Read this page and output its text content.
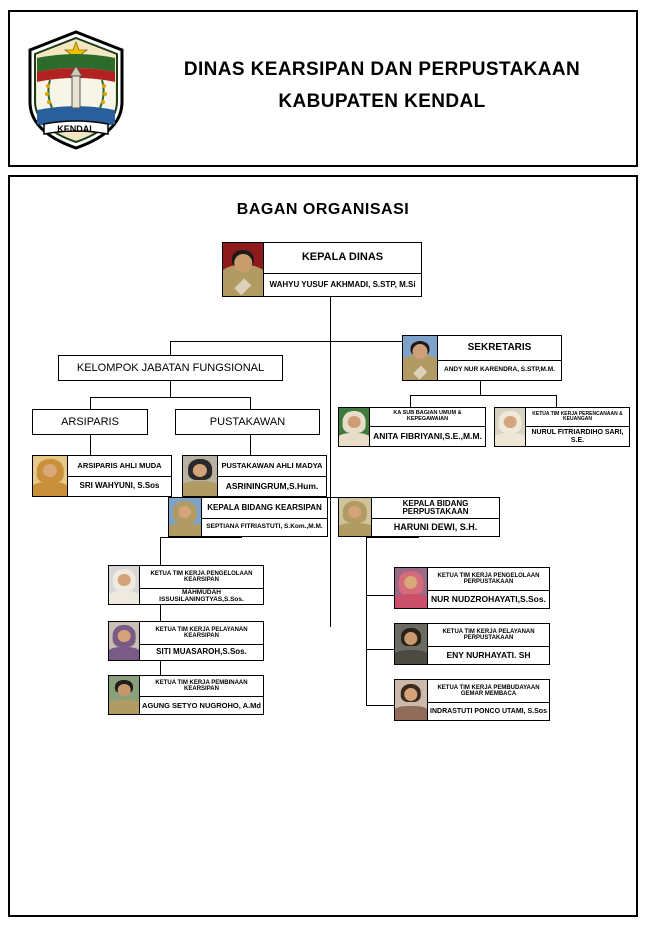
KENDAL
DINAS KEARSIPAN DAN PERPUSTAKAAN
KABUPATEN KENDAL
BAGAN ORGANISASI
KEPALA DINAS
WAHYU YUSUF AKHMADI, S.STP, M.Si
KELOMPOK JABATAN FUNGSIONAL
ARSIPARIS	PUSTAKAWAN
SEKRETARIS
ANDY NUR KARENDRA, S.STP,M.M.
KA SUB BAGIAN UMUM & KEPEGAWAIAN
ANITA FIBRIYANI,S.E.,M.M.
KETUA TIM KERJA PERENCANAAN & KEUANGAN
NURUL FITRIARDIHO SARI, S.E.
ARSIPARIS AHLI MUDA
SRI WAHYUNI, S.Sos
PUSTAKAWAN AHLI MADYA
ASRININGRUM,S.Hum.
KEPALA BIDANG KEARSIPAN
SEPTIANA FITRIASTUTI, S.Kom.,M.M.
KEPALA BIDANG PERPUSTAKAAN
HARUNI DEWI, S.H.
KETUA TIM KERJA PENGELOLAAN KEARSIPAN
MAHMUDAH ISSUSILANINGTYAS,S.Sos.
KETUA TIM KERJA PELAYANAN KEARSIPAN
SITI MUASAROH,S.Sos.
KETUA TIM KERJA PEMBINAAN KEARSIPAN
AGUNG SETYO NUGROHO, A.Md
KETUA TIM KERJA PENGELOLAAN PERPUSTAKAAN
NUR NUDZROHAYATI,S.Sos.
KETUA TIM KERJA PELAYANAN PERPUSTAKAAN
ENY NURHAYATI. SH
KETUA TIM KERJA PEMBUDAYAAN GEMAR MEMBACA
INDRASTUTI PONCO UTAMI, S.Sos
